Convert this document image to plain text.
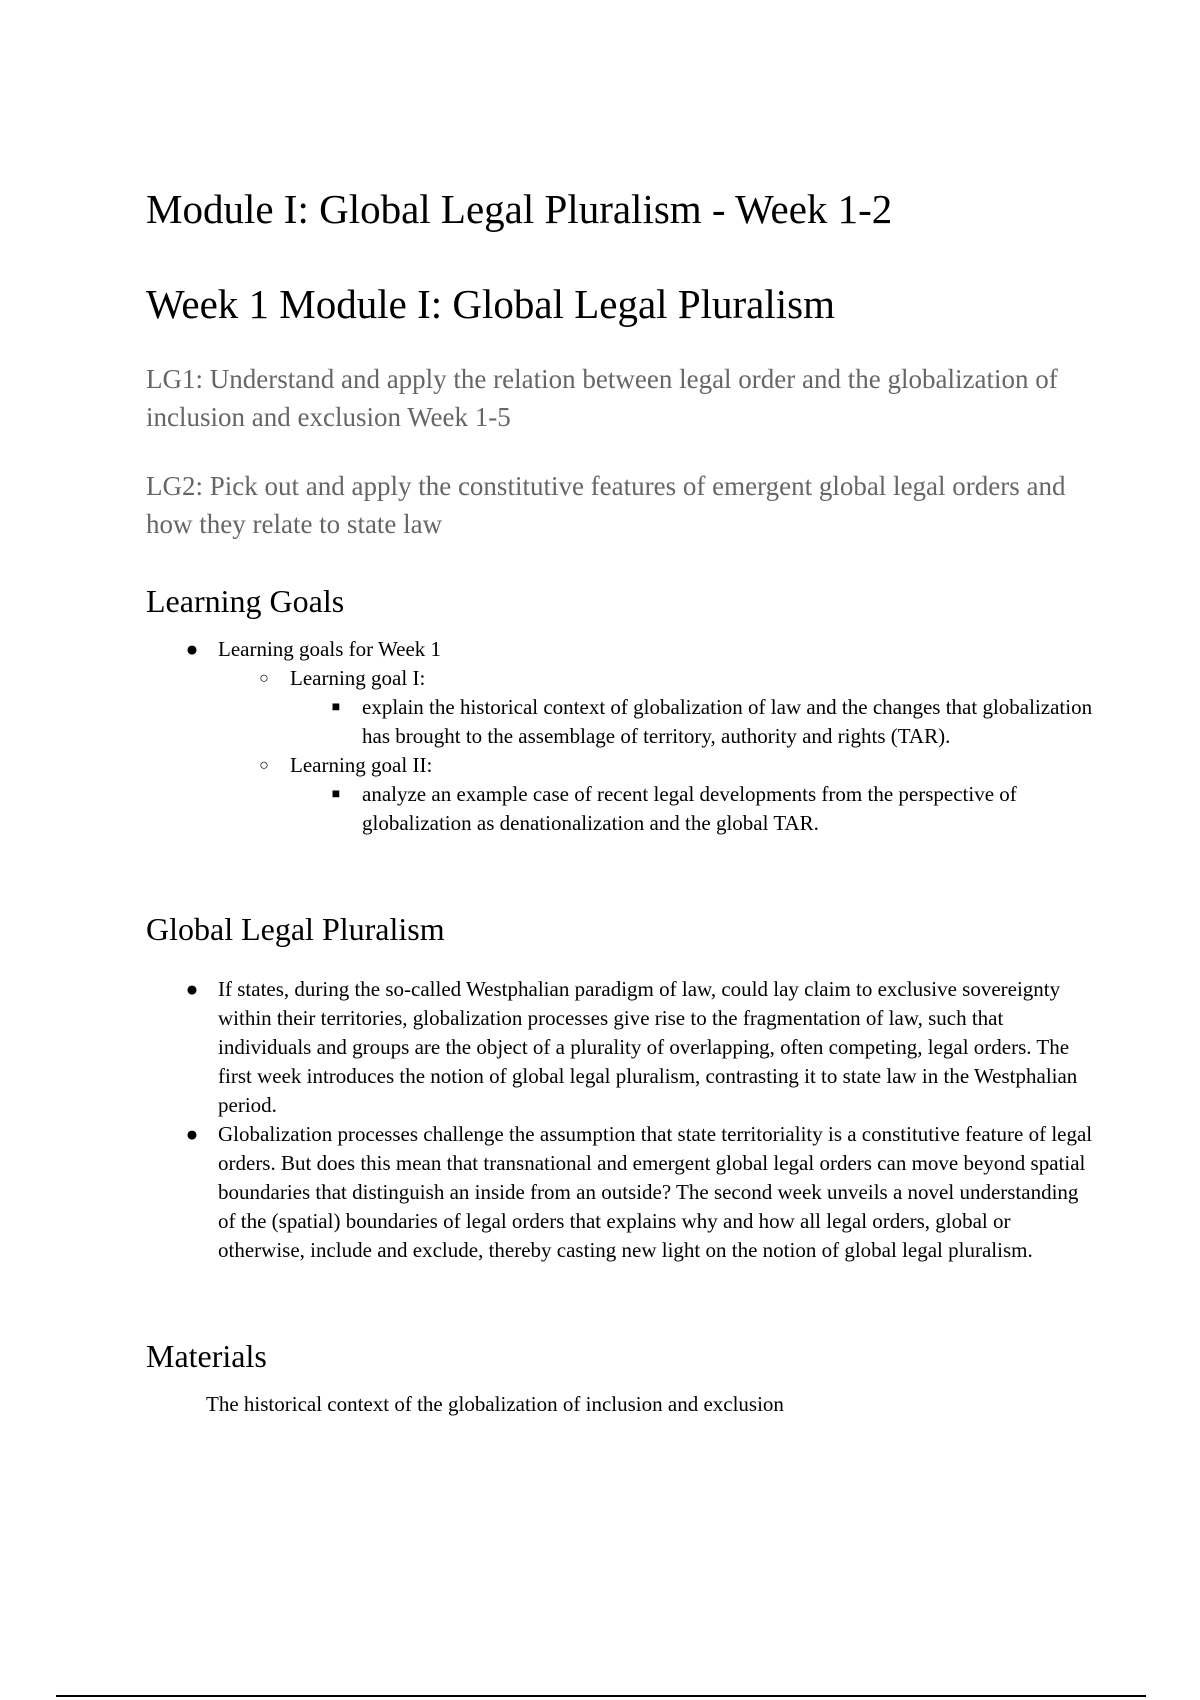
Module I: Global Legal Pluralism - Week 1-2
Week 1 Module I: Global Legal Pluralism

LG1: Understand and apply the relation between legal order and the globalization of inclusion and exclusion Week 1-5

LG2: Pick out and apply the constitutive features of emergent global legal orders and how they relate to state law

Learning Goals
● Learning goals for Week 1
○ Learning goal I:
■ explain the historical context of globalization of law and the changes that globalization has brought to the assemblage of territory, authority and rights (TAR).
○ Learning goal II:
■ analyze an example case of recent legal developments from the perspective of globalization as denationalization and the global TAR.
Global Legal Pluralism
● If states, during the so-called Westphalian paradigm of law, could lay claim to exclusive sovereignty within their territories, globalization processes give rise to the fragmentation of law, such that individuals and groups are the object of a plurality of overlapping, often competing, legal orders. The first week introduces the notion of global legal pluralism, contrasting it to state law in the Westphalian period.
● Globalization processes challenge the assumption that state territoriality is a constitutive feature of legal orders. But does this mean that transnational and emergent global legal orders can move beyond spatial boundaries that distinguish an inside from an outside? The second week unveils a novel understanding of the (spatial) boundaries of legal orders that explains why and how all legal orders, global or otherwise, include and exclude, thereby casting new light on the notion of global legal pluralism.
Materials
The historical context of the globalization of inclusion and exclusion
